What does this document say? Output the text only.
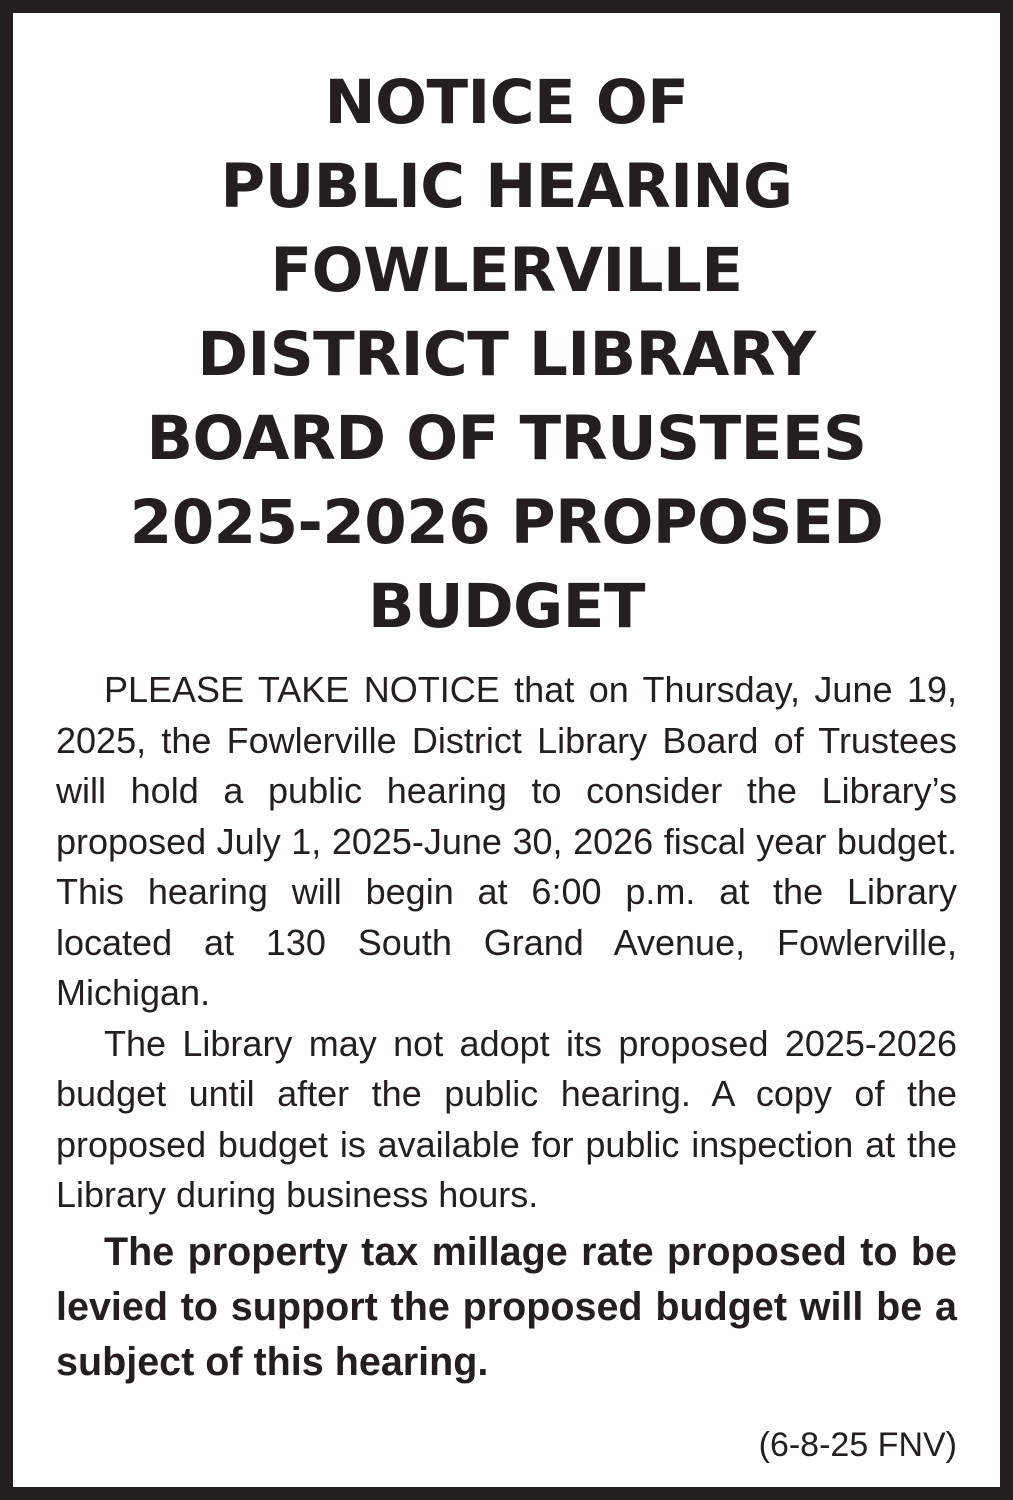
NOTICE OF
PUBLIC HEARING
FOWLERVILLE
DISTRICT LIBRARY
BOARD OF TRUSTEES
2025-2026 PROPOSED
BUDGET

PLEASE TAKE NOTICE that on Thursday, June 19, 2025, the Fowlerville District Library Board of Trustees will hold a public hearing to consider the Library’s proposed July 1, 2025-​June 30, 2026 fiscal year budget. This hearing will begin at 6:00 p.m. at the Library located at 130 South Grand Avenue, Fowlerville, Michigan.

The Library may not adopt its proposed 2025-​2026 budget until after the public hearing. A copy of the proposed budget is available for public inspection at the Library during business hours.

The property tax millage rate proposed to be levied to support the proposed budget will be a subject of this hearing.

(6-8-25 FNV)
